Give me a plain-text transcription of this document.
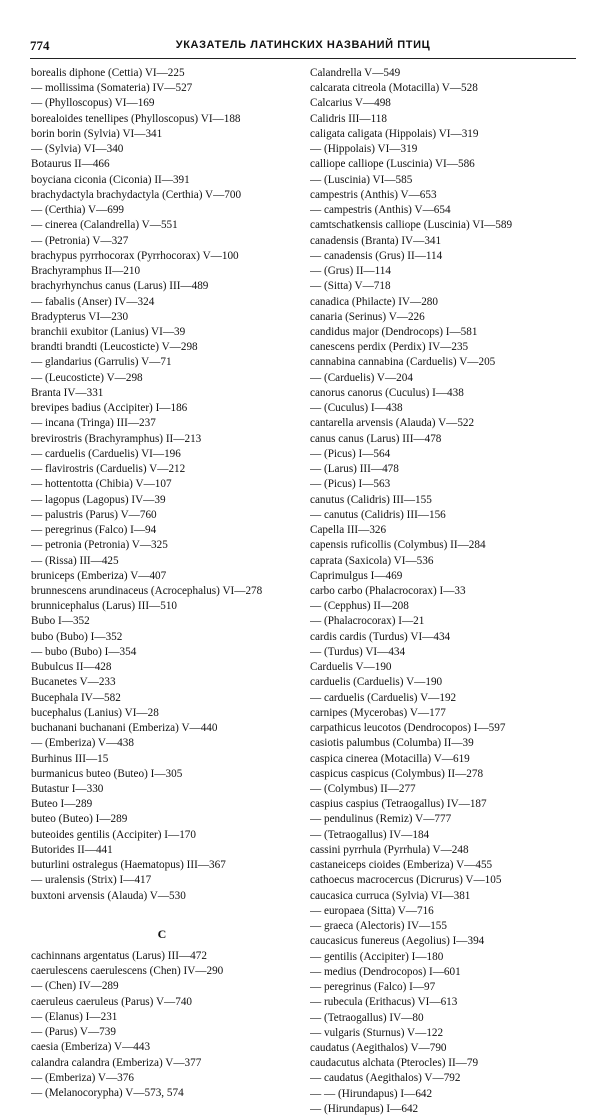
774	УКАЗАТЕЛЬ ЛАТИНСКИХ НАЗВАНИЙ ПТИЦ
borealis diphone (Cettia) VI—225
— mollissima (Somateria) IV—527
— (Phylloscopus) VI—169
borealoides tenellipes (Phylloscopus) VI—188
borin borin (Sylvia) VI—341
— (Sylvia) VI—340
Botaurus II—466
boyciana ciconia (Ciconia) II—391
brachydactyla brachydactyla (Certhia) V—700
— (Certhia) V—699
— cinerea (Calandrella) V—551
— (Petronia) V—327
brachypus pyrrhocorax (Pyrrhocorax) V—100
Brachyramphus II—210
brachyrhynchus canus (Larus) III—489
— fabalis (Anser) IV—324
Bradypterus VI—230
branchii exubitor (Lanius) VI—39
brandti brandti (Leucosticte) V—298
— glandarius (Garrulis) V—71
— (Leucosticte) V—298
Branta IV—331
brevipes badius (Accipiter) I—186
— incana (Tringa) III—237
brevirostris (Brachyramphus) II—213
— carduelis (Carduelis) VI—196
— flavirostris (Carduelis) V—212
— hottentotta (Chibia) V—107
— lagopus (Lagopus) IV—39
— palustris (Parus) V—760
— peregrinus (Falco) I—94
— petronia (Petronia) V—325
— (Rissa) III—425
bruniceps (Emberiza) V—407
brunnescens arundinaceus (Acrocephalus) VI—278
brunnicephalus (Larus) III—510
Bubo I—352
bubo (Bubo) I—352
— bubo (Bubo) I—354
Bubulcus II—428
Bucanetes V—233
Bucephala IV—582
bucephalus (Lanius) VI—28
buchanani buchanani (Emberiza) V—440
— (Emberiza) V—438
Burhinus III—15
burmanicus buteo (Buteo) I—305
Butastur I—330
Buteo I—289
buteo (Buteo) I—289
buteoides gentilis (Accipiter) I—170
Butorides II—441
buturlini ostralegus (Haematopus) III—367
— uralensis (Strix) I—417
buxtoni arvensis (Alauda) V—530
C
cachinnans argentatus (Larus) III—472
caerulescens caerulescens (Chen) IV—290
— (Chen) IV—289
caeruleus caeruleus (Parus) V—740
— (Elanus) I—231
— (Parus) V—739
caesia (Emberiza) V—443
calandra calandra (Emberiza) V—377
— (Emberiza) V—376
— (Melanocorypha) V—573, 574
Calandrella V—549
calcarata citreola (Motacilla) V—528
Calcarius V—498
Calidris III—118
caligata caligata (Hippolais) VI—319
— (Hippolais) VI—319
calliope calliope (Luscinia) VI—586
— (Luscinia) VI—585
campestris (Anthis) V—653
— campestris (Anthis) V—654
camtschatkensis calliope (Luscinia) VI—589
canadensis (Branta) IV—341
— canadensis (Grus) II—114
— (Grus) II—114
— (Sitta) V—718
canadica (Philacte) IV—280
canaria (Serinus) V—226
candidus major (Dendrocops) I—581
canescens perdix (Perdix) IV—235
cannabina cannabina (Carduelis) V—205
— (Carduelis) V—204
canorus canorus (Cuculus) I—438
— (Cuculus) I—438
cantarella arvensis (Alauda) V—522
canus canus (Larus) III—478
— (Picus) I—564
— (Larus) III—478
— (Picus) I—563
canutus (Calidris) III—155
— canutus (Calidris) III—156
Capella III—326
capensis ruficollis (Colymbus) II—284
caprata (Saxicola) VI—536
Caprimulgus I—469
carbo carbo (Phalacrocorax) I—33
— (Cepphus) II—208
— (Phalacrocorax) I—21
cardis cardis (Turdus) VI—434
— (Turdus) VI—434
Carduelis V—190
carduelis (Carduelis) V—190
— carduelis (Carduelis) V—192
carnipes (Mycerobas) V—177
carpathicus leucotos (Dendrocopos) I—597
casiotis palumbus (Columba) II—39
caspica cinerea (Motacilla) V—619
caspicus caspicus (Colymbus) II—278
— (Colymbus) II—277
caspius caspius (Tetraogallus) IV—187
— pendulinus (Remiz) V—777
— (Tetraogallus) IV—184
cassini pyrrhula (Pyrrhula) V—248
castaneiceps cioides (Emberiza) V—455
cathoecus macrocercus (Dicrurus) V—105
caucasica curruca (Sylvia) VI—381
— europaea (Sitta) V—716
— graeca (Alectoris) IV—155
caucasicus funereus (Aegolius) I—394
— gentilis (Accipiter) I—180
— medius (Dendrocopos) I—601
— peregrinus (Falco) I—97
— rubecula (Erithacus) VI—613
— (Tetraogallus) IV—80
— vulgaris (Sturnus) V—122
caudatus (Aegithalos) V—790
caudacutus alchata (Pterocles) II—79
— caudatus (Aegithalos) V—792
— — (Hirundapus) I—642
— (Hirundapus) I—642
